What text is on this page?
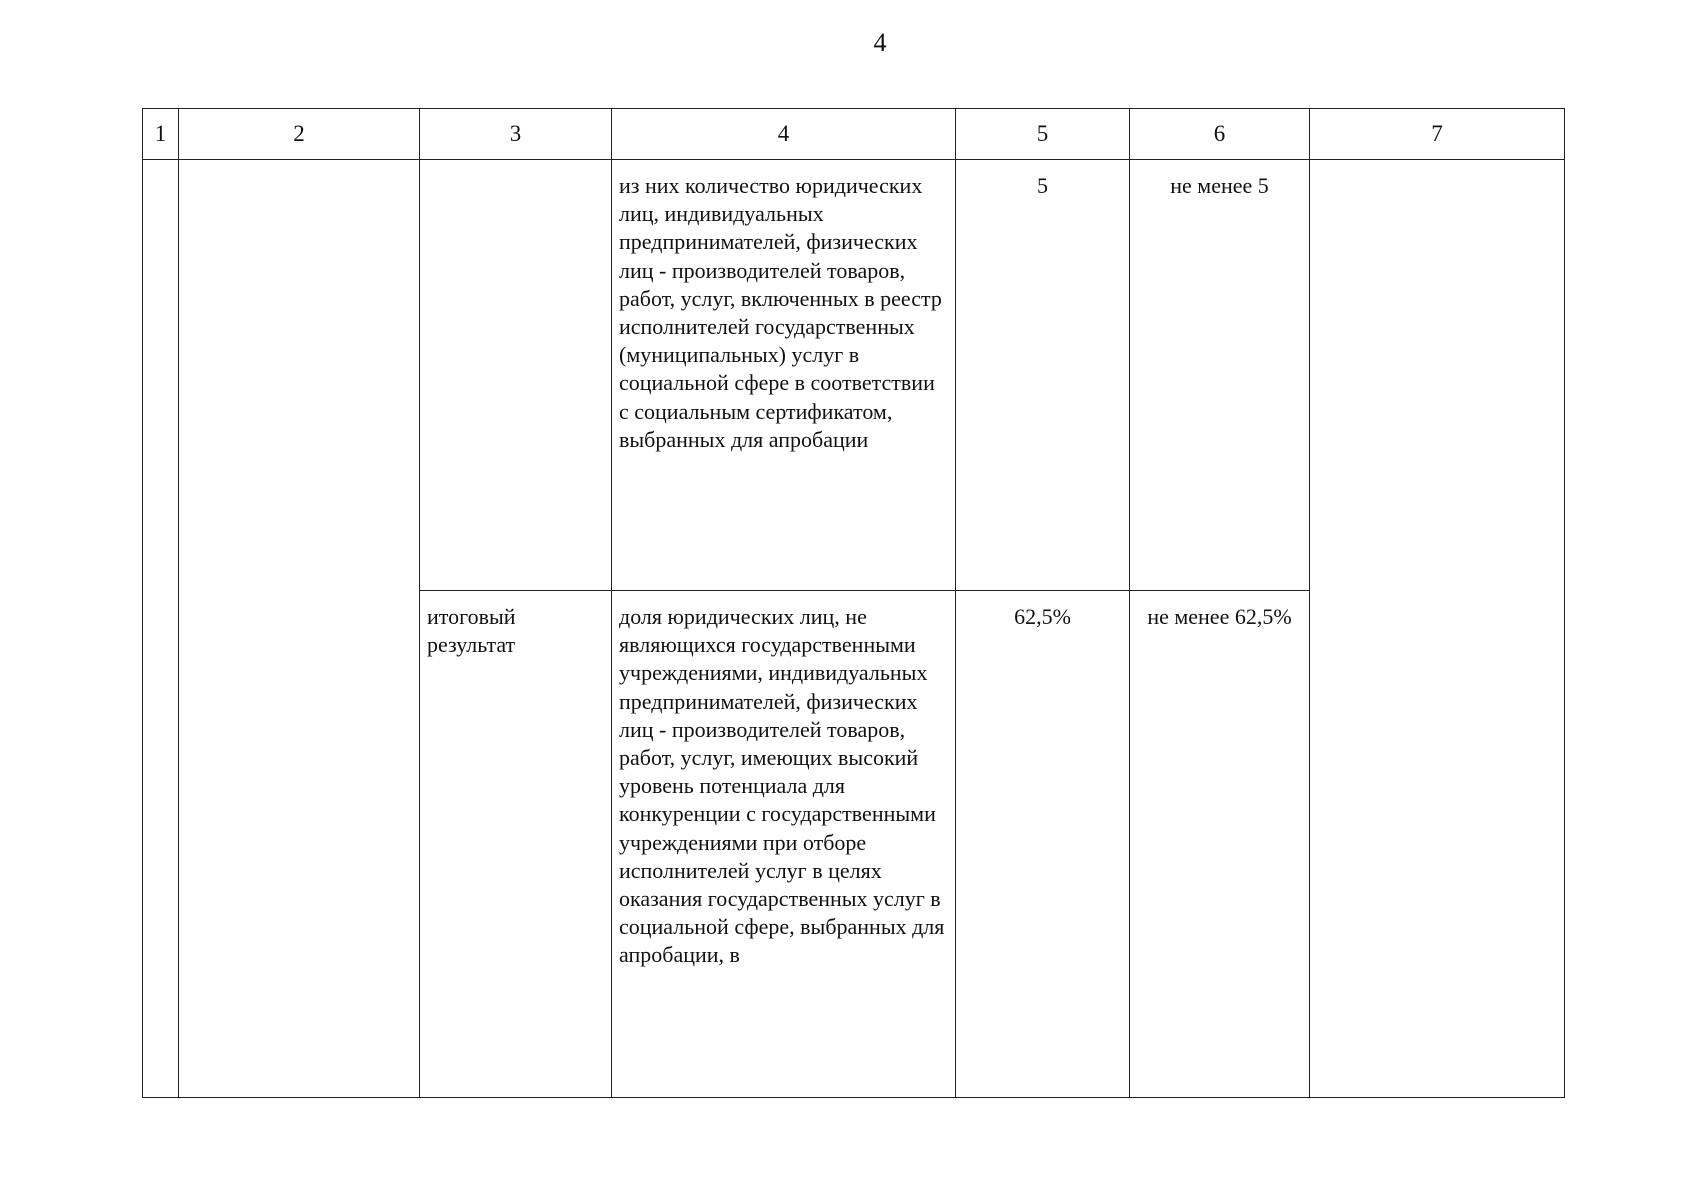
4
1	2	3	4	5	6	7
			из них количество юридических лиц, индивидуальных предпринимателей, физических лиц - производителей товаров, работ, услуг, включенных в реестр исполнителей государственных (муниципальных) услуг в социальной сфере в соответствии с социальным сертификатом, выбранных для апробации	5	не менее 5	
		итоговый результат	доля юридических лиц, не являющихся государственными учреждениями, индивидуальных предпринимателей, физических лиц - производителей товаров, работ, услуг, имеющих высокий уровень потенциала для конкуренции с государственными учреждениями при отборе исполнителей услуг в целях оказания государственных услуг в социальной сфере, выбранных для апробации, в	62,5%	не менее 62,5%	
